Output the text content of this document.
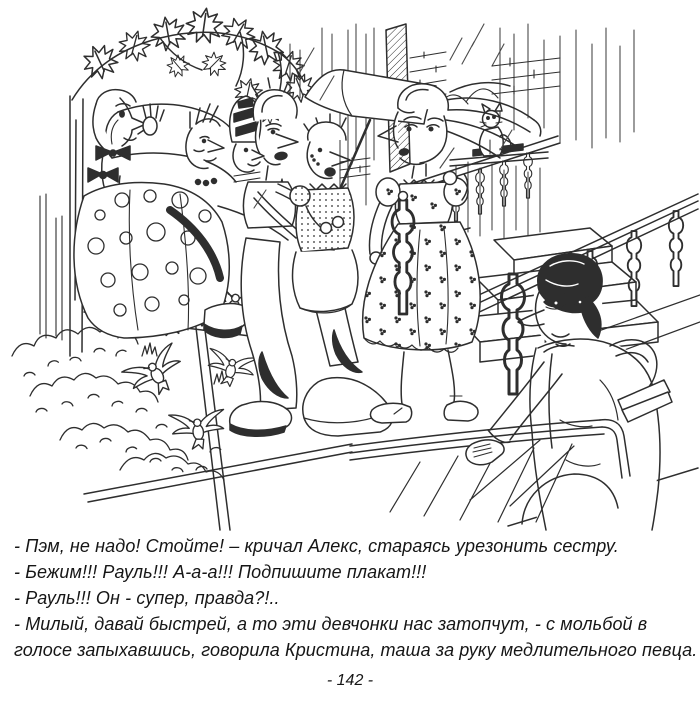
- Пэм, не надо! Стойте! – кричал Алекс, стараясь урезонить сестру.

- Бежим!!! Рауль!!! А-а-а!!! Подпишите плакат!!!

- Рауль!!! Он - супер, правда?!..

- Милый, давай быстрей, а то эти девчонки нас затопчут, - с мольбой в

голосе запыхавшись, говорила Кристина, таша за руку медлительного певца.

- 142 -
